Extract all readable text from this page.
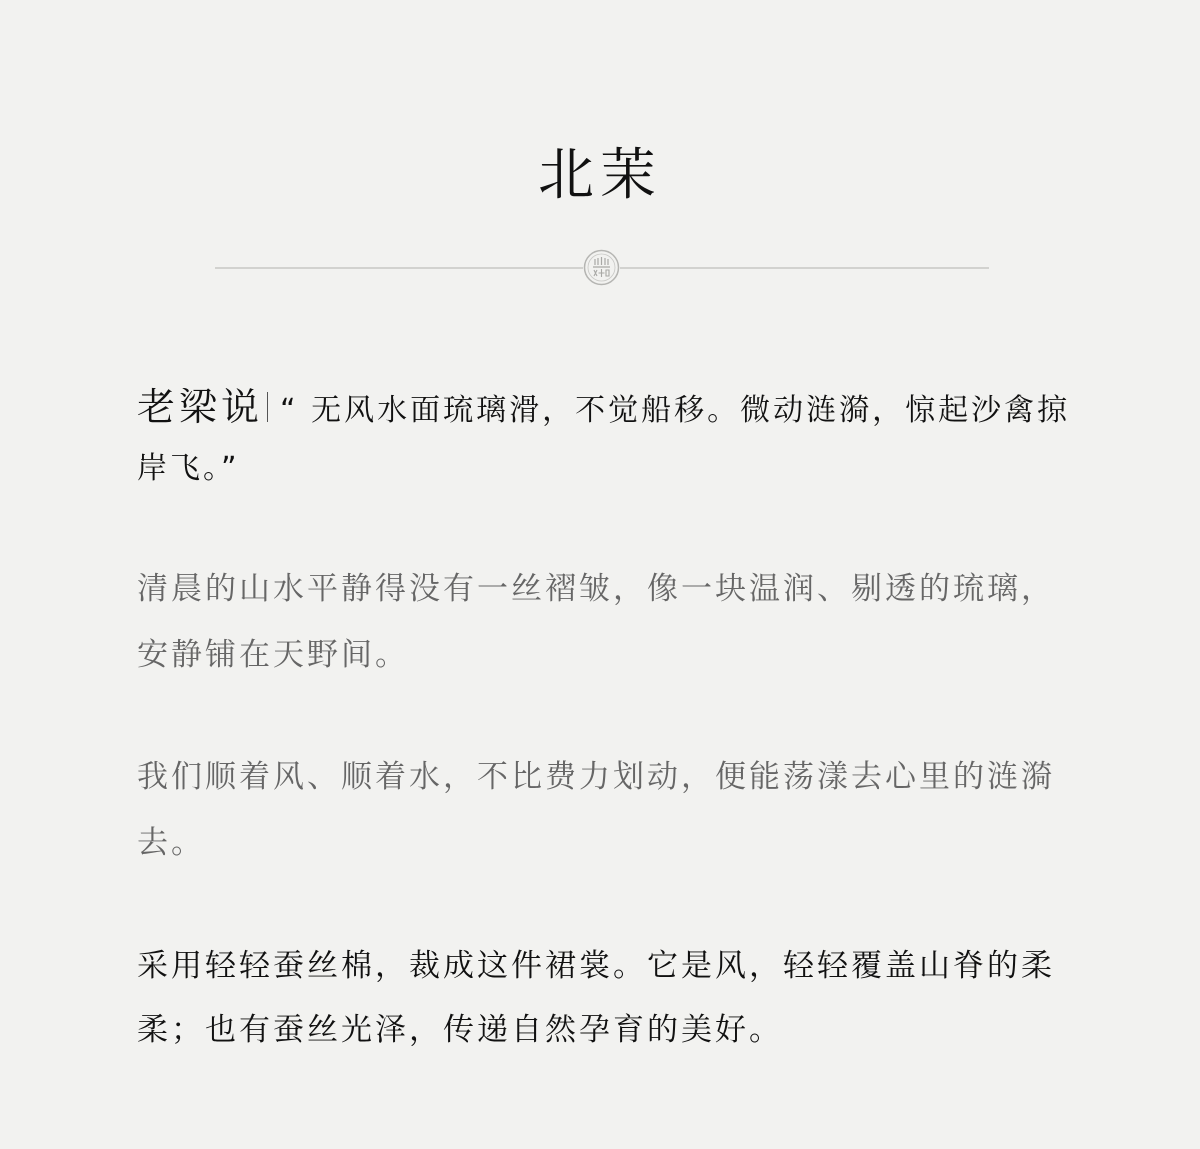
北茉

老梁说 “ 无风水面琉璃滑，不觉船移。微动涟漪，惊起沙禽掠岸飞。”

清晨的山水平静得没有一丝褶皱，像一块温润、剔透的琉璃，安静铺在天野间。

我们顺着风、顺着水，不比费力划动，便能荡漾去心里的涟漪去。

采用轻轻蚕丝棉，裁成这件裙裳。它是风，轻轻覆盖山脊的柔柔；也有蚕丝光泽，传递自然孕育的美好。
